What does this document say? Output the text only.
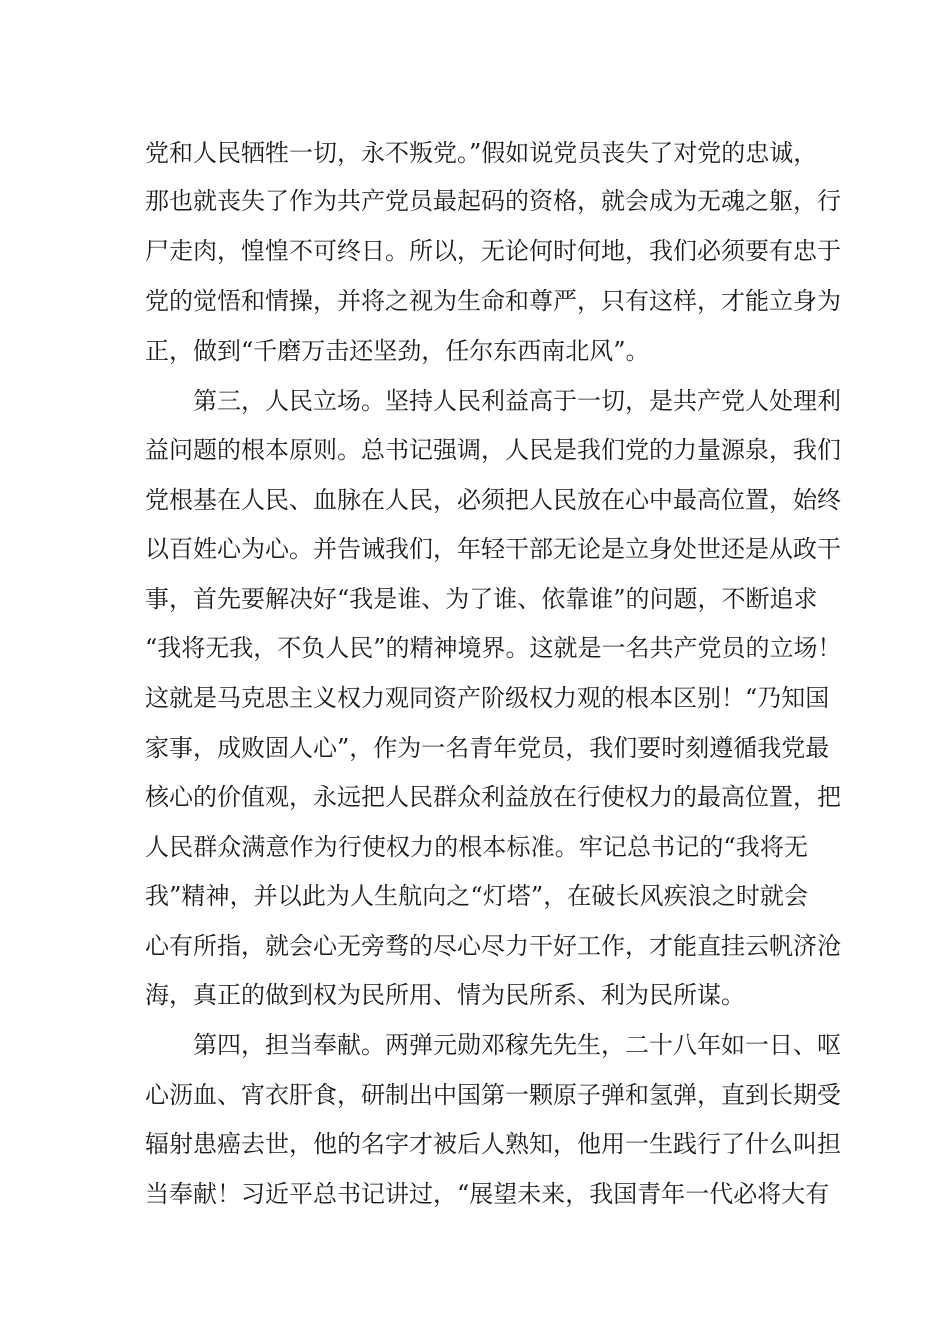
党和人民牺牲一切，永不叛党。”假如说党员丧失了对党的忠诚，
那也就丧失了作为共产党员最起码的资格，就会成为无魂之躯，行
尸走肉，惶惶不可终日。所以，无论何时何地，我们必须要有忠于
党的觉悟和情操，并将之视为生命和尊严，只有这样，才能立身为
正，做到“千磨万击还坚劲，任尔东西南北风”。
第三，人民立场。坚持人民利益高于一切，是共产党人处理利
益问题的根本原则。总书记强调，人民是我们党的力量源泉，我们
党根基在人民、血脉在人民，必须把人民放在心中最高位置，始终
以百姓心为心。并告诫我们，年轻干部无论是立身处世还是从政干
事，首先要解决好“我是谁、为了谁、依靠谁”的问题，不断追求
“我将无我，不负人民”的精神境界。这就是一名共产党员的立场！
这就是马克思主义权力观同资产阶级权力观的根本区别！“乃知国
家事，成败固人心”，作为一名青年党员，我们要时刻遵循我党最
核心的价值观，永远把人民群众利益放在行使权力的最高位置，把
人民群众满意作为行使权力的根本标准。牢记总书记的“我将无
我”精神，并以此为人生航向之“灯塔”，在破长风疾浪之时就会
心有所指，就会心无旁骛的尽心尽力干好工作，才能直挂云帆济沧
海，真正的做到权为民所用、情为民所系、利为民所谋。
第四，担当奉献。两弹元勋邓稼先先生，二十八年如一日、呕
心沥血、宵衣肝食，研制出中国第一颗原子弹和氢弹，直到长期受
辐射患癌去世，他的名字才被后人熟知，他用一生践行了什么叫担
当奉献！习近平总书记讲过，“展望未来，我国青年一代必将大有
